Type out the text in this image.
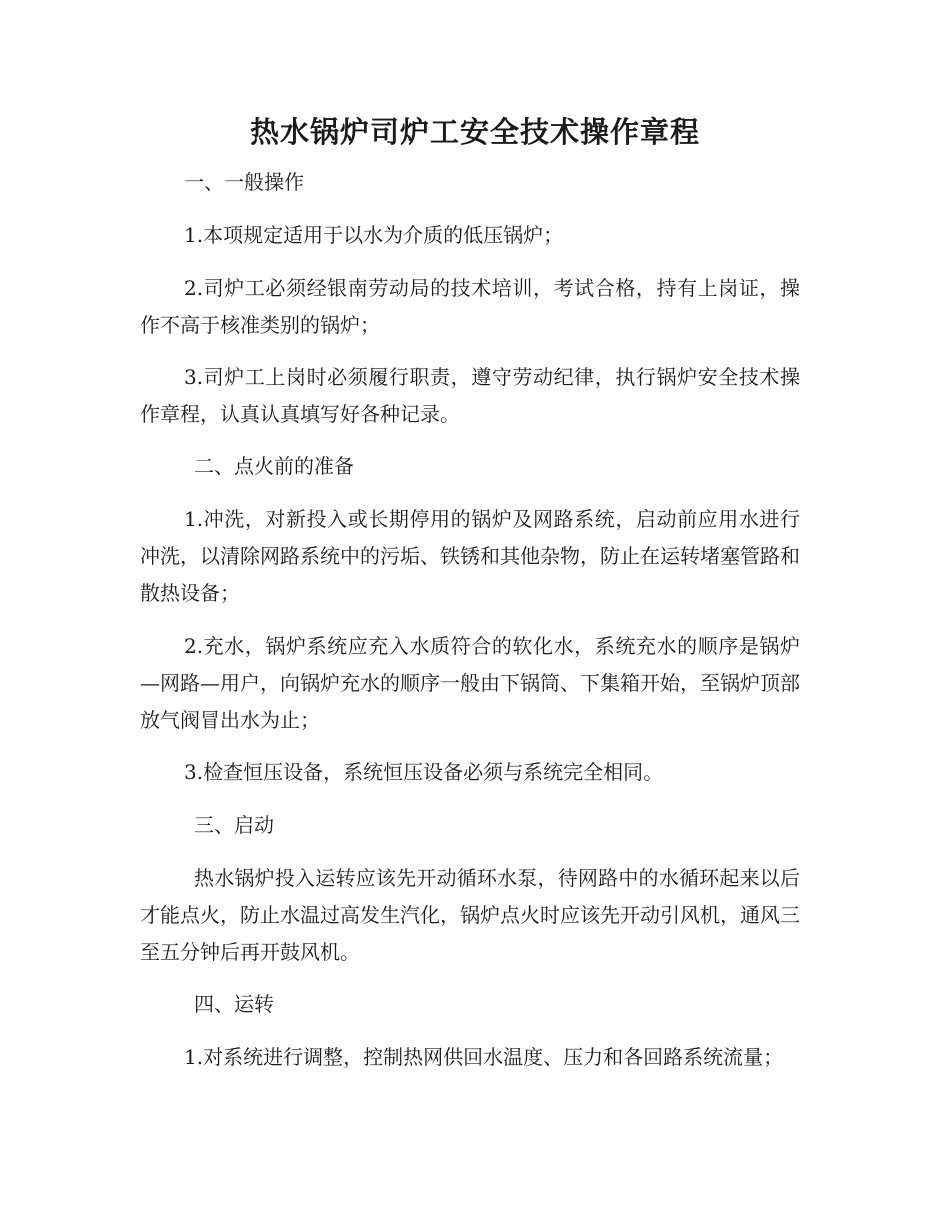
热水锅炉司炉工安全技术操作章程

一、一般操作

1.本项规定适用于以水为介质的低压锅炉；

2.司炉工必须经银南劳动局的技术培训，考试合格，持有上岗证，操作不高于核准类别的锅炉；

3.司炉工上岗时必须履行职责，遵守劳动纪律，执行锅炉安全技术操作章程，认真认真填写好各种记录。

二、点火前的准备

1.冲洗，对新投入或长期停用的锅炉及网路系统，启动前应用水进行冲洗，以清除网路系统中的污垢、铁锈和其他杂物，防止在运转堵塞管路和散热设备；

2.充水，锅炉系统应充入水质符合的软化水，系统充水的顺序是锅炉—网路—用户，向锅炉充水的顺序一般由下锅筒、下集箱开始，至锅炉顶部放气阀冒出水为止；

3.检查恒压设备，系统恒压设备必须与系统完全相同。

三、启动

热水锅炉投入运转应该先开动循环水泵，待网路中的水循环起来以后才能点火，防止水温过高发生汽化，锅炉点火时应该先开动引风机，通风三至五分钟后再开鼓风机。

四、运转

1.对系统进行调整，控制热网供回水温度、压力和各回路系统流量；
